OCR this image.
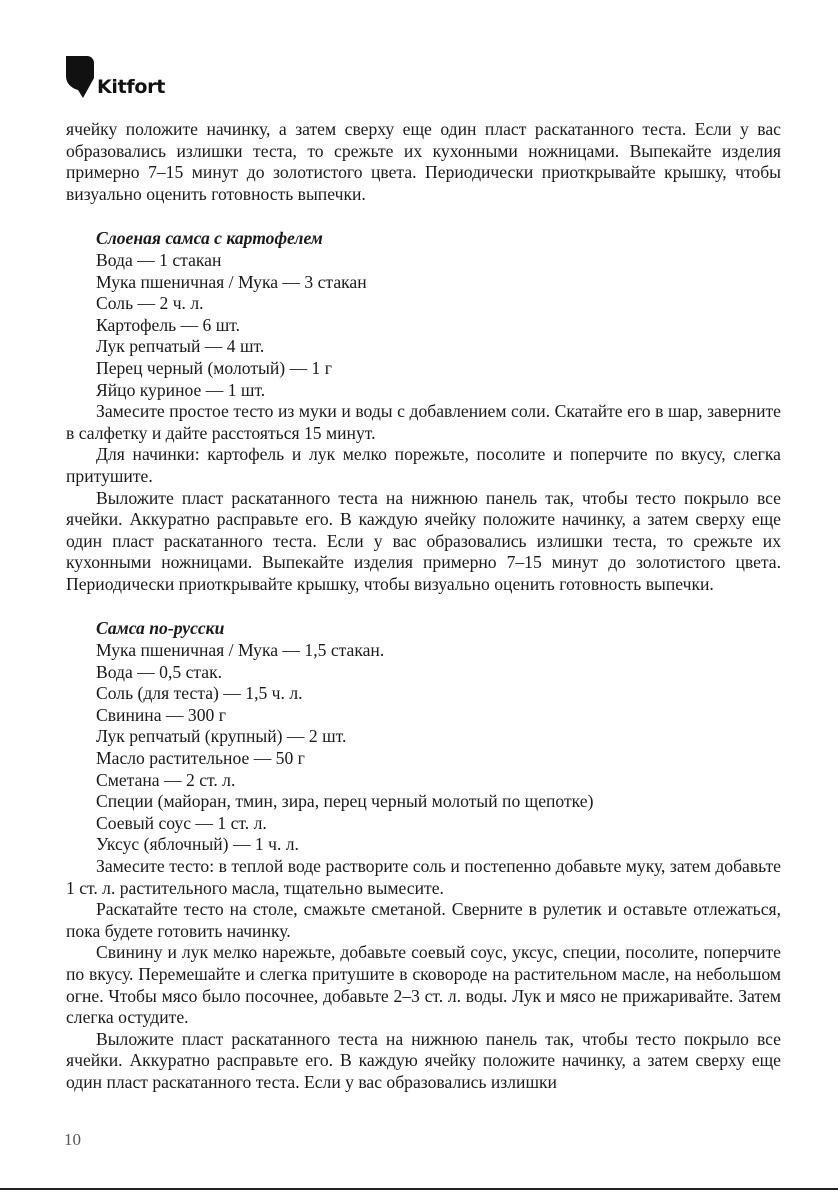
Kitfort

ячейку положите начинку, а затем сверху еще один пласт раскатанного теста. Если у вас образовались излишки теста, то срежьте их кухонными ножницами. Выпекайте изделия примерно 7–15 минут до золотистого цвета. Периодически приоткрывайте крышку, чтобы визуально оценить готовность выпечки.

Слоеная самса с картофелем

Вода — 1 стакан

Мука пшеничная / Мука — 3 стакан

Соль — 2 ч. л.

Картофель — 6 шт.

Лук репчатый — 4 шт.

Перец черный (молотый) — 1 г

Яйцо куриное — 1 шт.

Замесите простое тесто из муки и воды с добавлением соли. Скатайте его в шар, заверните в салфетку и дайте расстояться 15 минут.

Для начинки: картофель и лук мелко порежьте, посолите и поперчите по вкусу, слегка притушите.

Выложите пласт раскатанного теста на нижнюю панель так, чтобы тесто покрыло все ячейки. Аккуратно расправьте его. В каждую ячейку положите начинку, а затем сверху еще один пласт раскатанного теста. Если у вас образовались излишки теста, то срежьте их кухонными ножницами. Выпекайте изделия примерно 7–15 минут до золотистого цвета. Периодически приоткрывайте крышку, чтобы визуально оценить готовность выпечки.

Самса по-русски

Мука пшеничная / Мука — 1,5 стакан.

Вода — 0,5 стак.

Соль (для теста) — 1,5 ч. л.

Свинина — 300 г

Лук репчатый (крупный) — 2 шт.

Масло растительное — 50 г

Сметана — 2 ст. л.

Специи (майоран, тмин, зира, перец черный молотый по щепотке)

Соевый соус — 1 ст. л.

Уксус (яблочный) — 1 ч. л.

Замесите тесто: в теплой воде растворите соль и постепенно добавьте муку, затем добавьте 1 ст. л. растительного масла, тщательно вымесите.

Раскатайте тесто на столе, смажьте сметаной. Сверните в рулетик и оставьте отлежаться, пока будете готовить начинку.

Свинину и лук мелко нарежьте, добавьте соевый соус, уксус, специи, посолите, поперчите по вкусу. Перемешайте и слегка притушите в сковороде на растительном масле, на небольшом огне. Чтобы мясо было посочнее, добавьте 2–3 ст. л. воды. Лук и мясо не прижаривайте. Затем слегка остудите.

Выложите пласт раскатанного теста на нижнюю панель так, чтобы тесто покрыло все ячейки. Аккуратно расправьте его. В каждую ячейку положите начинку, а затем сверху еще один пласт раскатанного теста. Если у вас образовались излишки

10
